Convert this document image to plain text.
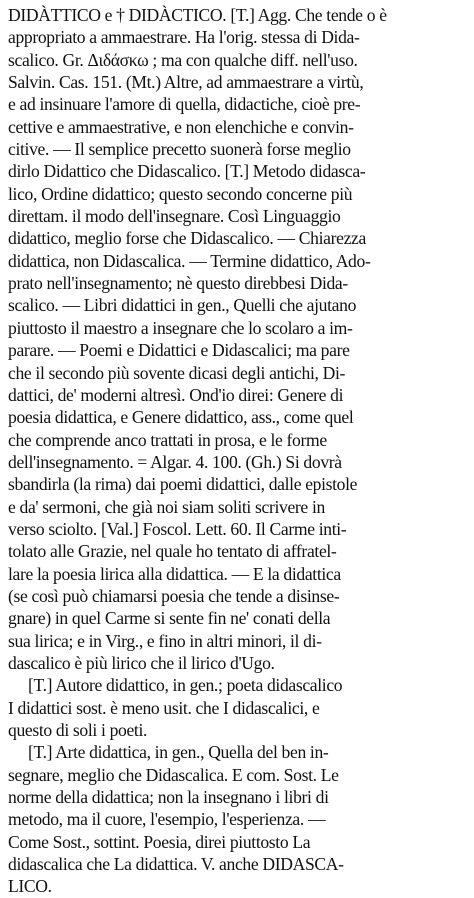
DIDÀTTICO e † DIDÀCTICO. [T.] Agg. Che tende o è
appropriato a ammaestrare. Ha l'orig. stessa di Dida-
scalico. Gr. Διδάσκω ; ma con qualche diff. nell'uso.
Salvin. Cas. 151. (Mt.) Altre, ad ammaestrare a virtù,
e ad insinuare l'amore di quella, didactiche, cioè pre-
cettive e ammaestrative, e non elenchiche e convin-
citive. — Il semplice precetto suonerà forse meglio
dirlo Didattico che Didascalico. [T.] Metodo didasca-
lico, Ordine didattico; questo secondo concerne più
direttam. il modo dell'insegnare. Così Linguaggio
didattico, meglio forse che Didascalico. — Chiarezza
didattica, non Didascalica. — Termine didattico, Ado-
prato nell'insegnamento; nè questo direbbesi Dida-
scalico. — Libri didattici in gen., Quelli che ajutano
piuttosto il maestro a insegnare che lo scolaro a im-
parare. — Poemi e Didattici e Didascalici; ma pare
che il secondo più sovente dicasi degli antichi, Di-
dattici, de' moderni altresì. Ond'io direi: Genere di
poesia didattica, e Genere didattico, ass., come quel
che comprende anco trattati in prosa, e le forme
dell'insegnamento. = Algar. 4. 100. (Gh.) Si dovrà
sbandirla (la rima) dai poemi didattici, dalle epistole
e da' sermoni, che già noi siam soliti scrivere in
verso sciolto. [Val.] Foscol. Lett. 60. Il Carme inti-
tolato alle Grazie, nel quale ho tentato di affratel-
lare la poesia lirica alla didattica. — E la didattica
(se così può chiamarsi poesia che tende a disinse-
gnare) in quel Carme si sente fin ne' conati della
sua lirica; e in Virg., e fino in altri minori, il di-
dascalico è più lirico che il lirico d'Ugo.
[T.] Autore didattico, in gen.; poeta didascalico
I didattici sost. è meno usit. che I didascalici, e
questo di soli i poeti.
[T.] Arte didattica, in gen., Quella del ben in-
segnare, meglio che Didascalica. E com. Sost. Le
norme della didattica; non la insegnano i libri di
metodo, ma il cuore, l'esempio, l'esperienza. —
Come Sost., sottint. Poesia, direi piuttosto La
didascalica che La didattica. V. anche DIDASCA-
LICO.
